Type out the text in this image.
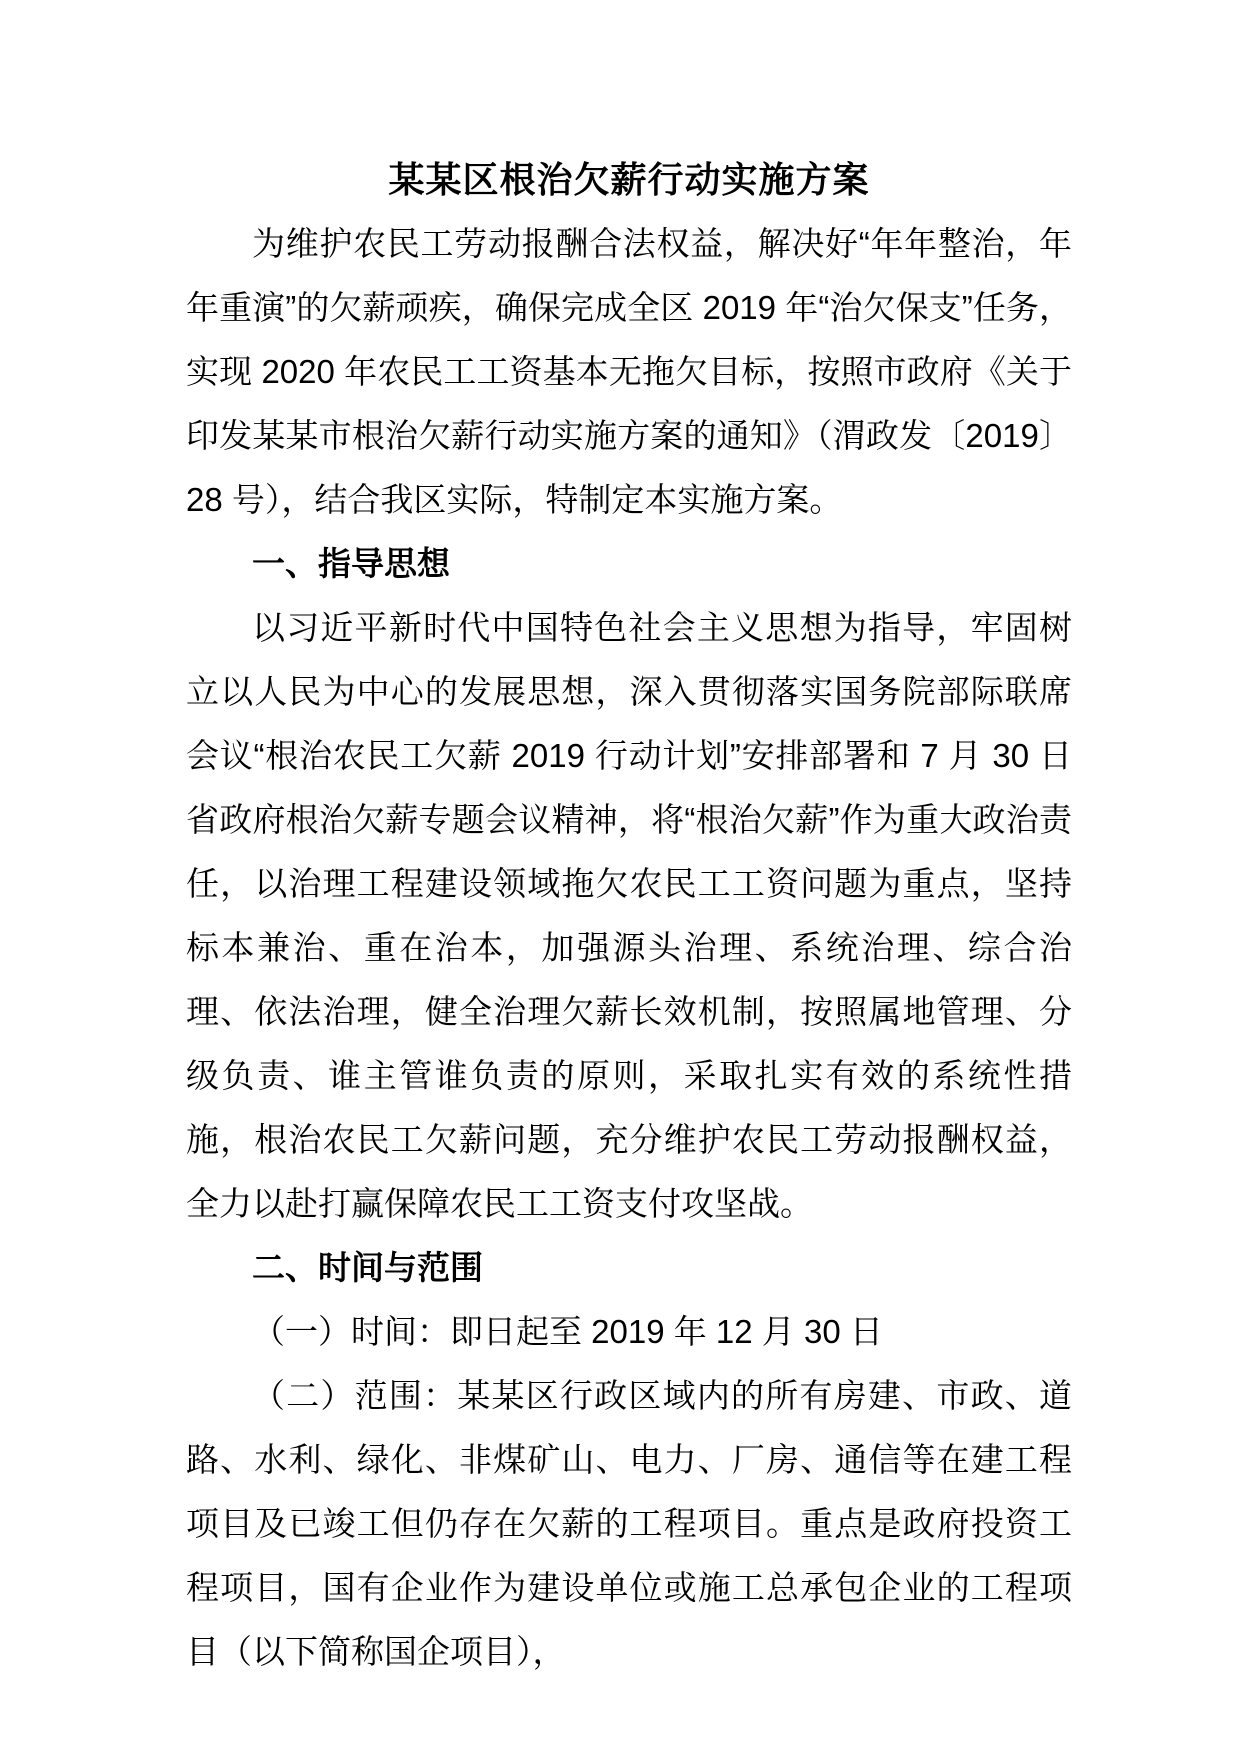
某某区根治欠薪行动实施方案

为维护农民工劳动报酬合法权益，解决好“年年整治，年年重演”的欠薪顽疾，确保完成全区 2019 年“治欠保支”任务，实现 2020 年农民工工资基本无拖欠目标，按照市政府《关于印发某某市根治欠薪行动实施方案的通知》（渭政发〔2019〕28 号），结合我区实际，特制定本实施方案。

一、指导思想

以习近平新时代中国特色社会主义思想为指导，牢固树立以人民为中心的发展思想，深入贯彻落实国务院部际联席会议“根治农民工欠薪 2019 行动计划”安排部署和 7 月 30 日省政府根治欠薪专题会议精神，将“根治欠薪”作为重大政治责任，以治理工程建设领域拖欠农民工工资问题为重点，坚持标本兼治、重在治本，加强源头治理、系统治理、综合治理、依法治理，健全治理欠薪长效机制，按照属地管理、分级负责、谁主管谁负责的原则，采取扎实有效的系统性措施，根治农民工欠薪问题，充分维护农民工劳动报酬权益，全力以赴打赢保障农民工工资支付攻坚战。

二、时间与范围

（一）时间：即日起至 2019 年 12 月 30 日

（二）范围：某某区行政区域内的所有房建、市政、道路、水利、绿化、非煤矿山、电力、厂房、通信等在建工程项目及已竣工但仍存在欠薪的工程项目。重点是政府投资工程项目，国有企业作为建设单位或施工总承包企业的工程项目（以下简称国企项目），
